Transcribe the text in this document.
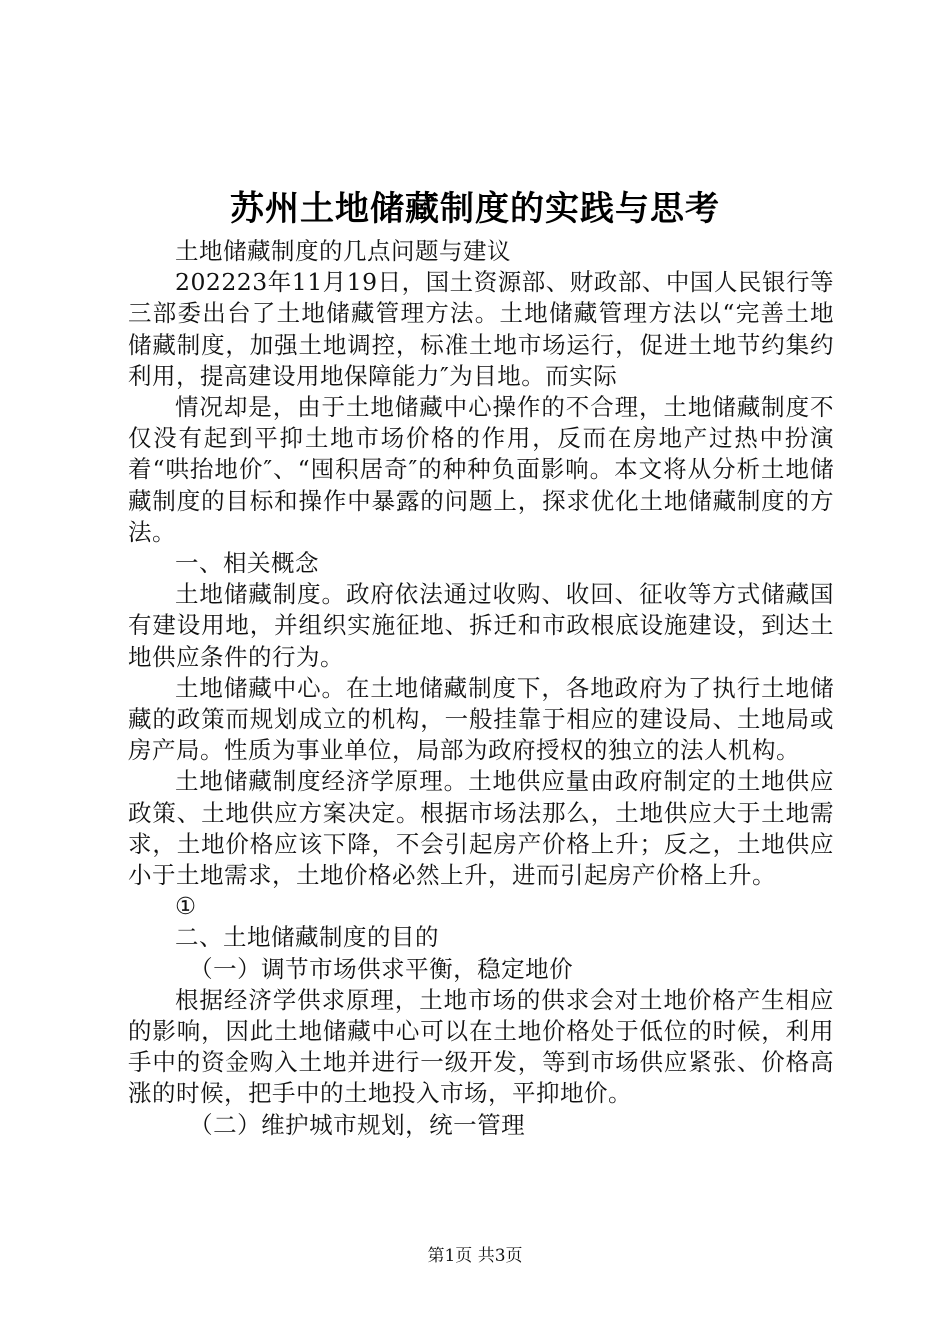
苏州土地储藏制度的实践与思考

土地储藏制度的几点问题与建议

202223年11月19日，国土资源部、财政部、中国人民银行等三部委出台了土地储藏管理方法。土地储藏管理方法以“完善土地储藏制度，加强土地调控，标准土地市场运行，促进土地节约集约利用，提高建设用地保障能力″为目地。而实际

情况却是，由于土地储藏中心操作的不合理，土地储藏制度不仅没有起到平抑土地市场价格的作用，反而在房地产过热中扮演着“哄抬地价″、“囤积居奇″的种种负面影响。本文将从分析土地储藏制度的目标和操作中暴露的问题上，探求优化土地储藏制度的方法。

一、相关概念

土地储藏制度。政府依法通过收购、收回、征收等方式储藏国有建设用地，并组织实施征地、拆迁和市政根底设施建设，到达土地供应条件的行为。

土地储藏中心。在土地储藏制度下，各地政府为了执行土地储藏的政策而规划成立的机构，一般挂靠于相应的建设局、土地局或房产局。性质为事业单位，局部为政府授权的独立的法人机构。

土地储藏制度经济学原理。土地供应量由政府制定的土地供应政策、土地供应方案决定。根据市场法那么，土地供应大于土地需求，土地价格应该下降，不会引起房产价格上升；反之，土地供应小于土地需求，土地价格必然上升，进而引起房产价格上升。

①

二、土地储藏制度的目的

（一）调节市场供求平衡，稳定地价

根据经济学供求原理，土地市场的供求会对土地价格产生相应的影响，因此土地储藏中心可以在土地价格处于低位的时候，利用手中的资金购入土地并进行一级开发，等到市场供应紧张、价格高涨的时候，把手中的土地投入市场，平抑地价。

（二）维护城市规划，统一管理

第1页 共3页
